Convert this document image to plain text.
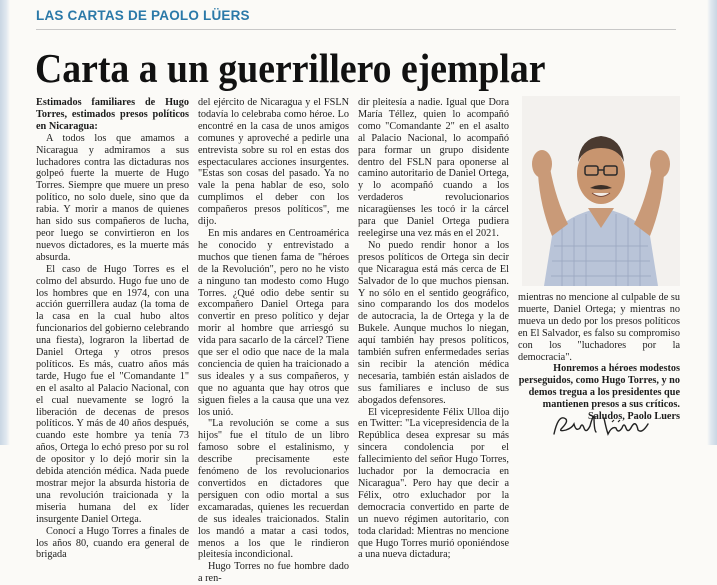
LAS CARTAS DE PAOLO LÜERS
Carta a un guerrillero ejemplar

Estimados familiares de Hugo Torres, estimados presos políticos en Nicaragua:

A todos los que amamos a Nicaragua y admiramos a sus luchadores contra las dictaduras nos golpeó fuerte la muerte de Hugo Torres. Siempre que muere un preso político, no solo duele, sino que da rabia. Y morir a manos de quienes han sido sus compañeros de lucha, peor luego se convirtieron en los nuevos dictadores, es la muerte más absurda.

El caso de Hugo Torres es el colmo del absurdo. Hugo fue uno de los hombres que en 1974, con una acción guerrillera audaz (la toma de la casa en la cual hubo altos funcionarios del gobierno celebrando una fiesta), lograron la libertad de Daniel Ortega y otros presos políticos. Es más, cuatro años más tarde, Hugo fue el "Comandante 1" en el asalto al Palacio Nacional, con el cual nuevamente se logró la liberación de decenas de presos políticos. Y más de 40 años después, cuando este hombre ya tenía 73 años, Ortega lo echó preso por su rol de opositor y lo dejó morir sin la debida atención médica. Nada puede mostrar mejor la absurda historia de una revolución traicionada y la miseria humana del ex líder insurgente Daniel Ortega.

Conocí a Hugo Torres a finales de los años 80, cuando era general de brigada

del ejército de Nicaragua y el FSLN todavía lo celebraba como héroe. Lo encontré en la casa de unos amigos comunes y aproveché a pedirle una entrevista sobre su rol en estas dos espectaculares acciones insurgentes. "Estas son cosas del pasado. Ya no vale la pena hablar de eso, solo cumplimos el deber con los compañeros presos políticos", me dijo.

En mis andares en Centroamérica he conocido y entrevistado a muchos que tienen fama de "héroes de la Revolución", pero no he visto a ninguno tan modesto como Hugo Torres. ¿Qué odio debe sentir su excompañero Daniel Ortega para convertir en preso político y dejar morir al hombre que arriesgó su vida para sacarlo de la cárcel? Tiene que ser el odio que nace de la mala conciencia de quien ha traicionado a sus ideales y a sus compañeros, y que no aguanta que hay otros que siguen fieles a la causa que una vez los unió.

"La revolución se come a sus hijos" fue el título de un libro famoso sobre el estalinismo, y describe precisamente este fenómeno de los revolucionarios convertidos en dictadores que persiguen con odio mortal a sus excamaradas, quienes les recuerdan de sus ideales traicionados. Stalin los mandó a matar a casi todos, menos a los que le rindieron pleitesía incondicional.

Hugo Torres no fue hombre dado a ren-

dir pleitesía a nadie. Igual que Dora María Téllez, quien lo acompañó como "Comandante 2" en el asalto al Palacio Nacional, lo acompañó para formar un grupo disidente dentro del FSLN para oponerse al camino autoritario de Daniel Ortega, y lo acompañó cuando a los verdaderos revolucionarios nicaragüenses les tocó ir la cárcel para que Daniel Ortega pudiera reelegirse una vez más en el 2021.

No puedo rendir honor a los presos políticos de Ortega sin decir que Nicaragua está más cerca de El Salvador de lo que muchos piensan. Y no sólo en el sentido geográfico, sino comparando los dos modelos de autocracia, la de Ortega y la de Bukele. Aunque muchos lo niegan, aquí también hay presos políticos, también sufren enfermedades serias sin recibir la atención médica necesaria, también están aislados de sus familiares e incluso de sus abogados defensores.

El vicepresidente Félix Ulloa dijo en Twitter: "La vicepresidencia de la República desea expresar su más sincera condolencia por el fallecimiento del señor Hugo Torres, luchador por la democracia en Nicaragua". Pero hay que decir a Félix, otro exluchador por la democracia convertido en parte de un nuevo régimen autoritario, con toda claridad: Mientras no mencione que Hugo Torres murió oponiéndose a una nueva dictadura;

mientras no mencione al culpable de su muerte, Daniel Ortega; y mientras no mueva un dedo por los presos políticos en El Salvador, es falso su compromiso con los "luchadores por la democracia".

Honremos a héroes modestos perseguidos, como Hugo Torres, y no demos tregua a los presidentes que mantienen presos a sus críticos.

Saludos, Paolo Luers
